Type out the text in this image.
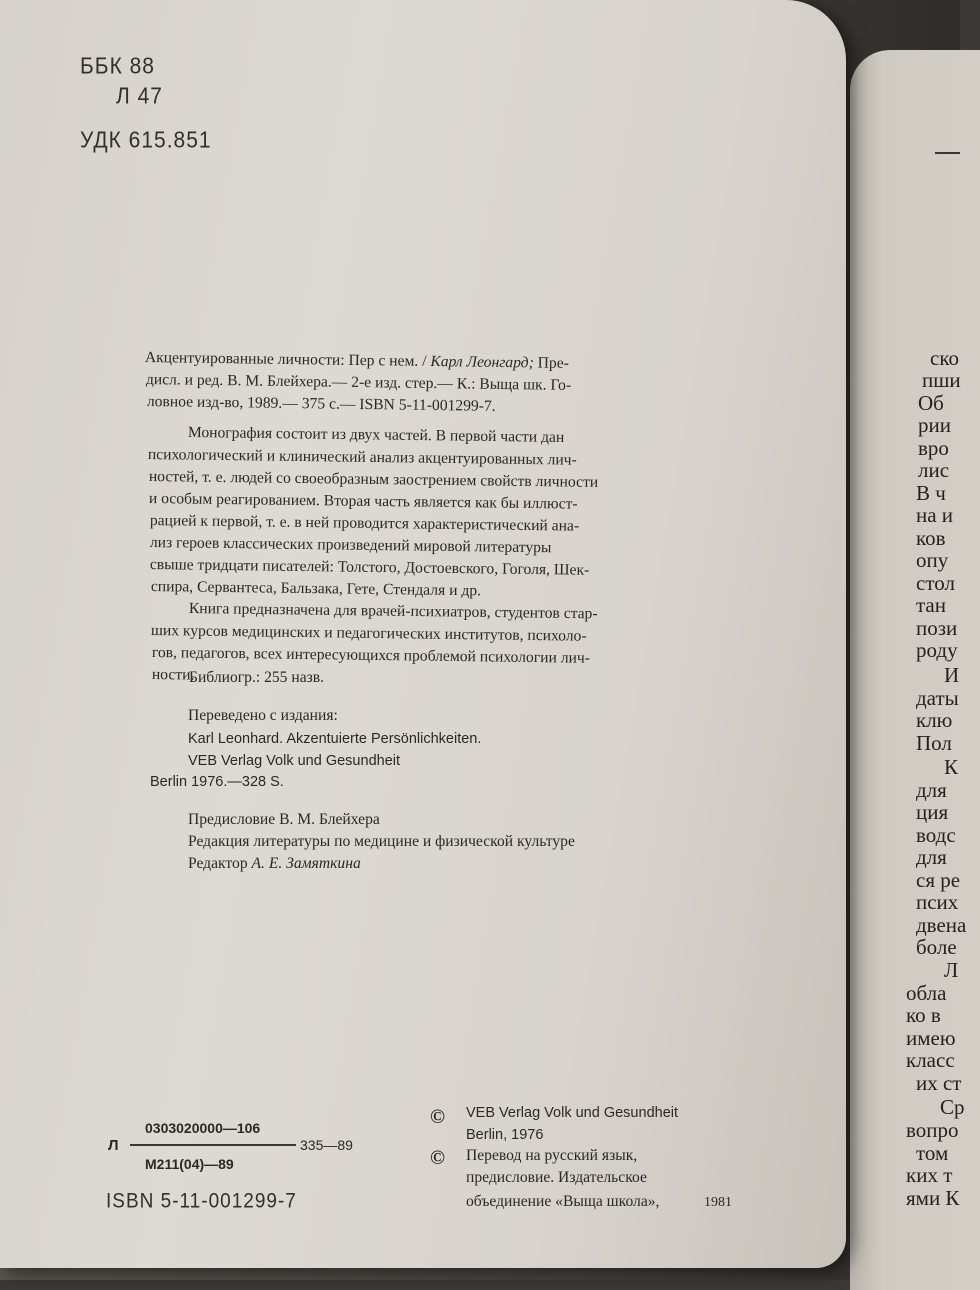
ББК 88
Л 47
УДК 615.851
Акцентуированные личности: Пер с нем. / Карл Леонгард; Пре-
дисл. и ред. В. М. Блейхера.— 2-е изд. стер.— К.: Выща шк. Го-
ловное изд-во, 1989.— 375 с.— ISBN 5-11-001299-7.
Монография состоит из двух частей. В первой части дан
психологический и клинический анализ акцентуированных лич-
ностей, т. е. людей со своеобразным заострением свойств личности
и особым реагированием. Вторая часть является как бы иллюст-
рацией к первой, т. е. в ней проводится характеристический ана-
лиз героев классических произведений мировой литературы
свыше тридцати писателей: Толстого, Достоевского, Гоголя, Шек-
спира, Сервантеса, Бальзака, Гете, Стендаля и др.
Книга предназначена для врачей-психиатров, студентов стар-
ших курсов медицинских и педагогических институтов, психоло-
гов, педагогов, всех интересующихся проблемой психологии лич-
ности.
Библиогр.: 255 назв.
Переведено с издания:
Karl Leonhard. Akzentuierte Persönlichkeiten.
VEB Verlag Volk und Gesundheit
Berlin 1976.—328 S.
Предисловие В. М. Блейхера
Редакция литературы по медицине и физической культуре
Редактор А. Е. Замяткина
Л
0303020000—106
М211(04)—89
335—89
ISBN 5-11-001299-7
© VEB Verlag Volk und Gesundheit
Berlin, 1976
© Перевод на русский язык,
предисловие. Издательское
объединение «Выща школа»,	1981
ско
пши
Об
рии
вро
лис
В ч
на и
ков
опу
стол
тан
пози
роду
И
даты
клю
Пол
К
для
ция
водс
для
ся ре
псих
двена
боле
Л
обла
ко в
имею
класс
их ст
Ср
вопро
том
ких т
ями К
